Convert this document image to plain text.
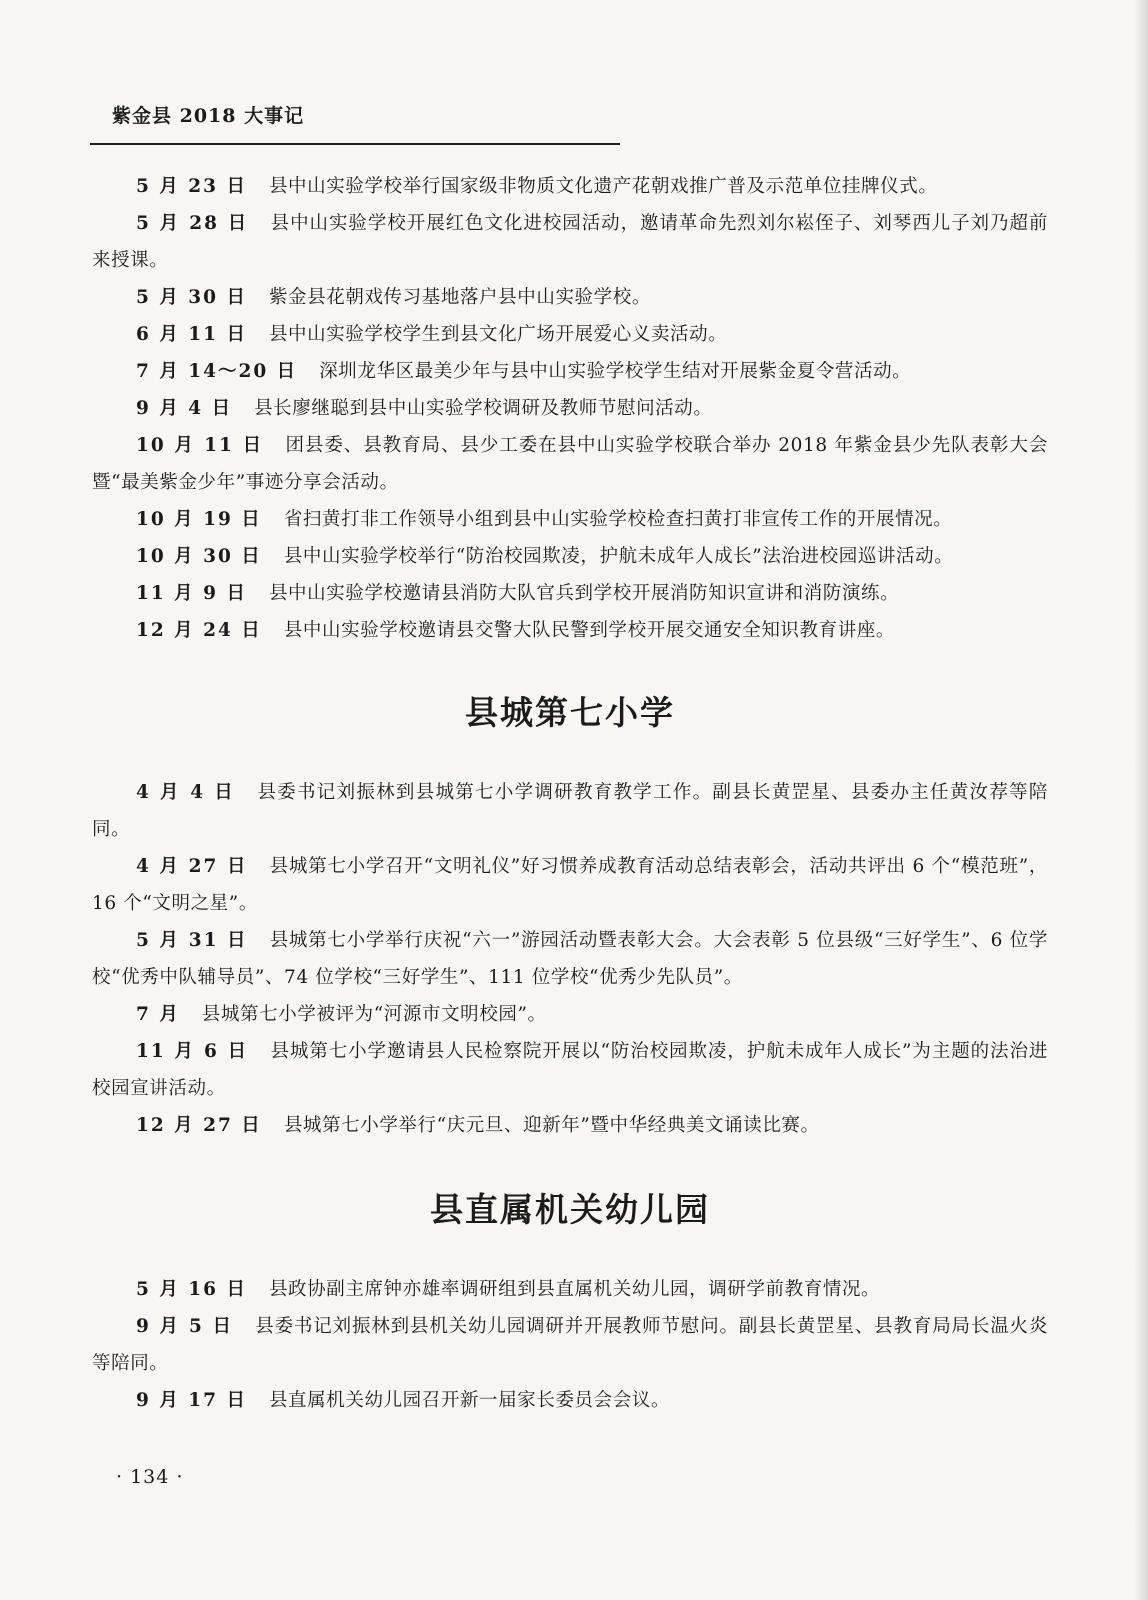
紫金县 2018 大事记

5 月 23 日 县中山实验学校举行国家级非物质文化遗产花朝戏推广普及示范单位挂牌仪式。

5 月 28 日 县中山实验学校开展红色文化进校园活动，邀请革命先烈刘尔崧侄子、刘琴西儿子刘乃超前来授课。

5 月 30 日 紫金县花朝戏传习基地落户县中山实验学校。

6 月 11 日 县中山实验学校学生到县文化广场开展爱心义卖活动。

7 月 14～20 日 深圳龙华区最美少年与县中山实验学校学生结对开展紫金夏令营活动。

9 月 4 日 县长廖继聪到县中山实验学校调研及教师节慰问活动。

10 月 11 日 团县委、县教育局、县少工委在县中山实验学校联合举办 2018 年紫金县少先队表彰大会暨“最美紫金少年”事迹分享会活动。

10 月 19 日 省扫黄打非工作领导小组到县中山实验学校检查扫黄打非宣传工作的开展情况。

10 月 30 日 县中山实验学校举行“防治校园欺凌，护航未成年人成长”法治进校园巡讲活动。

11 月 9 日 县中山实验学校邀请县消防大队官兵到学校开展消防知识宣讲和消防演练。

12 月 24 日 县中山实验学校邀请县交警大队民警到学校开展交通安全知识教育讲座。

县城第七小学

4 月 4 日 县委书记刘振林到县城第七小学调研教育教学工作。副县长黄罡星、县委办主任黄汝荐等陪同。

4 月 27 日 县城第七小学召开“文明礼仪”好习惯养成教育活动总结表彰会，活动共评出 6 个“模范班”，16 个“文明之星”。

5 月 31 日 县城第七小学举行庆祝“六一”游园活动暨表彰大会。大会表彰 5 位县级“三好学生”、6 位学校“优秀中队辅导员”、74 位学校“三好学生”、111 位学校“优秀少先队员”。

7 月 县城第七小学被评为“河源市文明校园”。

11 月 6 日 县城第七小学邀请县人民检察院开展以“防治校园欺凌，护航未成年人成长”为主题的法治进校园宣讲活动。

12 月 27 日 县城第七小学举行“庆元旦、迎新年”暨中华经典美文诵读比赛。

县直属机关幼儿园

5 月 16 日 县政协副主席钟亦雄率调研组到县直属机关幼儿园，调研学前教育情况。

9 月 5 日 县委书记刘振林到县机关幼儿园调研并开展教师节慰问。副县长黄罡星、县教育局局长温火炎等陪同。

9 月 17 日 县直属机关幼儿园召开新一届家长委员会会议。

· 134 ·
